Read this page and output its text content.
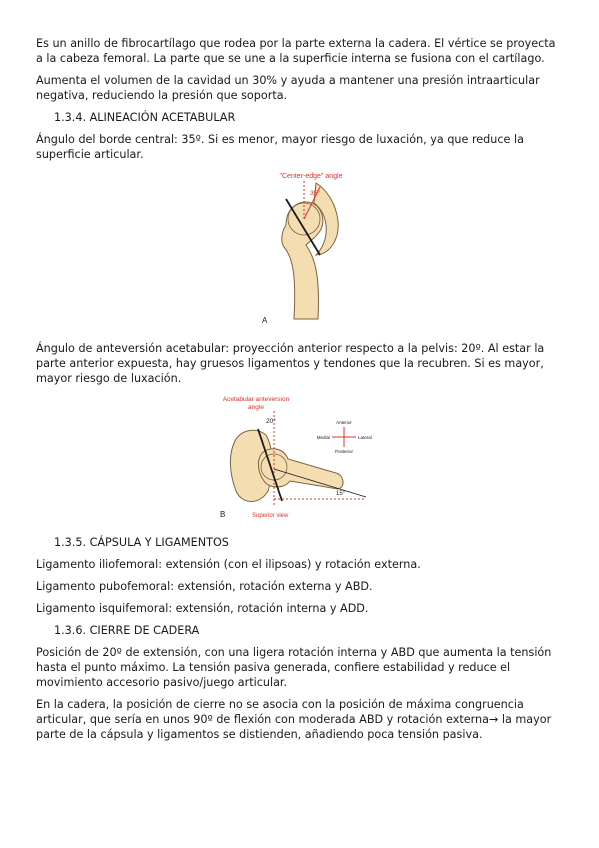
Es un anillo de fibrocartílago que rodea por la parte externa la cadera. El vértice se proyecta a la cabeza femoral. La parte que se une a la superficie interna se fusiona con el cartílago.

Aumenta el volumen de la cavidad un 30% y ayuda a mantener una presión intraarticular negativa, reduciendo la presión que soporta.

1.3.4. ALINEACIÓN ACETABULAR

Ángulo del borde central: 35º. Si es menor, mayor riesgo de luxación, ya que reduce la superficie articular.

"Center-edge" angle
35°
A

Ángulo de anteversión acetabular: proyección anterior respecto a la pelvis: 20º. Al estar la parte anterior expuesta, hay gruesos ligamentos y tendones que la recubren. Si es mayor, mayor riesgo de luxación.

Acetabular anteversion
angle
20°
15°
B	Superior view
Anterior
Posterior
Medial	Lateral
1.3.5. CÁPSULA Y LIGAMENTOS

Ligamento iliofemoral: extensión (con el ilipsoas) y rotación externa.

Ligamento pubofemoral: extensión, rotación externa y ABD.

Ligamento isquifemoral: extensión, rotación interna y ADD.

1.3.6. CIERRE DE CADERA

Posición de 20º de extensión, con una ligera rotación interna y ABD que aumenta la tensión hasta el punto máximo. La tensión pasiva generada, confiere estabilidad y reduce el movimiento accesorio pasivo/juego articular.

En la cadera, la posición de cierre no se asocia con la posición de máxima congruencia articular, que sería en unos 90º de flexión con moderada ABD y rotación externa→ la mayor parte de la cápsula y ligamentos se distienden, añadiendo poca tensión pasiva.
